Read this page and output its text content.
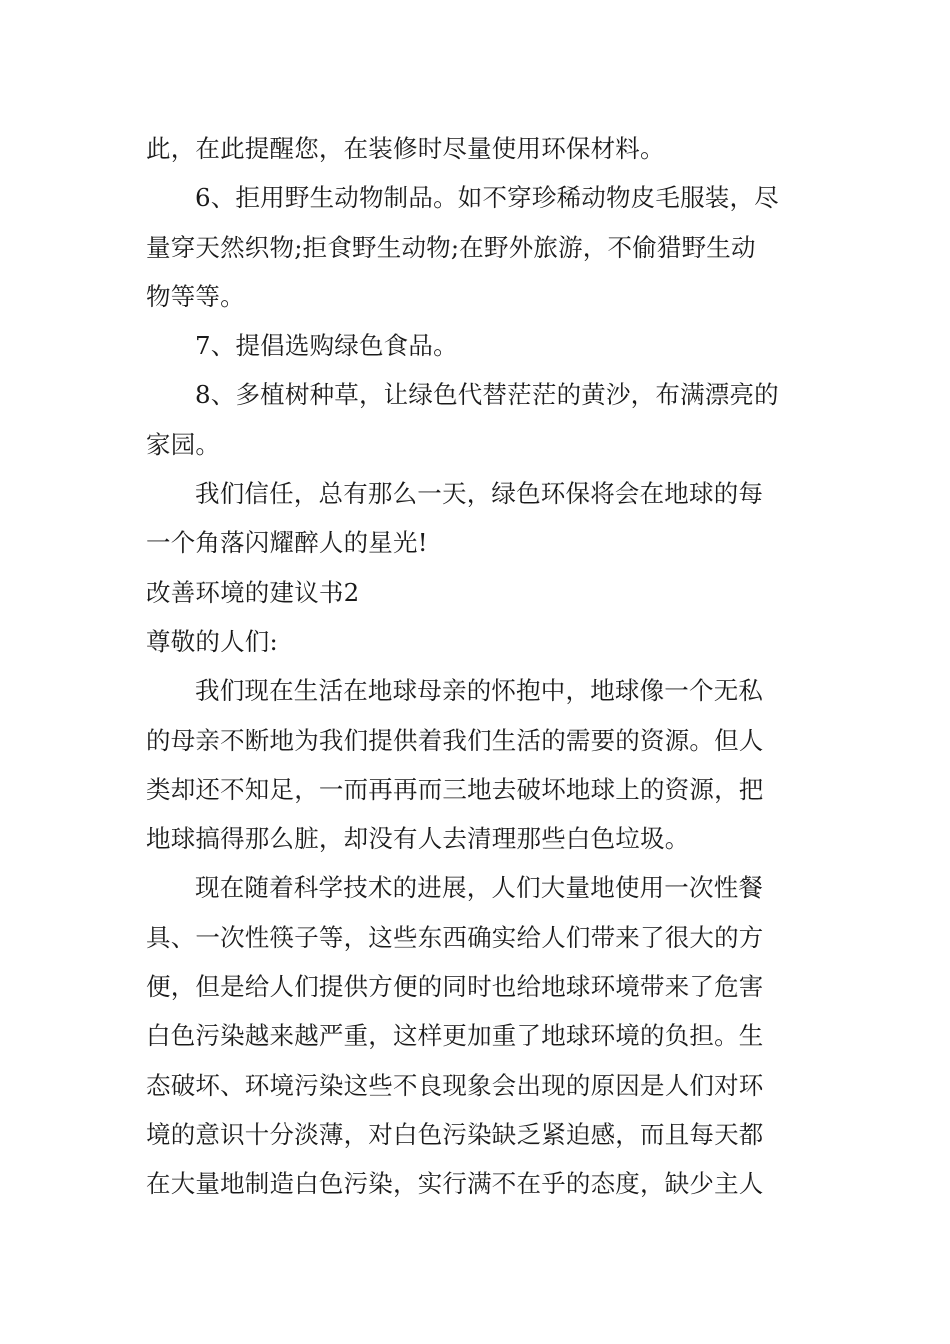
此，在此提醒您，在装修时尽量使用环保材料。
6、拒用野生动物制品。如不穿珍稀动物皮毛服装，尽
量穿天然织物;拒食野生动物;在野外旅游，不偷猎野生动
物等等。
7、提倡选购绿色食品。
8、多植树种草，让绿色代替茫茫的黄沙，布满漂亮的
家园。
我们信任，总有那么一天，绿色环保将会在地球的每
一个角落闪耀醉人的星光!
改善环境的建议书2
尊敬的人们:
我们现在生活在地球母亲的怀抱中，地球像一个无私
的母亲不断地为我们提供着我们生活的需要的资源。但人
类却还不知足，一而再再而三地去破坏地球上的资源，把
地球搞得那么脏，却没有人去清理那些白色垃圾。
现在随着科学技术的进展，人们大量地使用一次性餐
具、一次性筷子等，这些东西确实给人们带来了很大的方
便，但是给人们提供方便的同时也给地球环境带来了危害
白色污染越来越严重，这样更加重了地球环境的负担。生
态破坏、环境污染这些不良现象会出现的原因是人们对环
境的意识十分淡薄，对白色污染缺乏紧迫感，而且每天都
在大量地制造白色污染，实行满不在乎的态度，缺少主人
